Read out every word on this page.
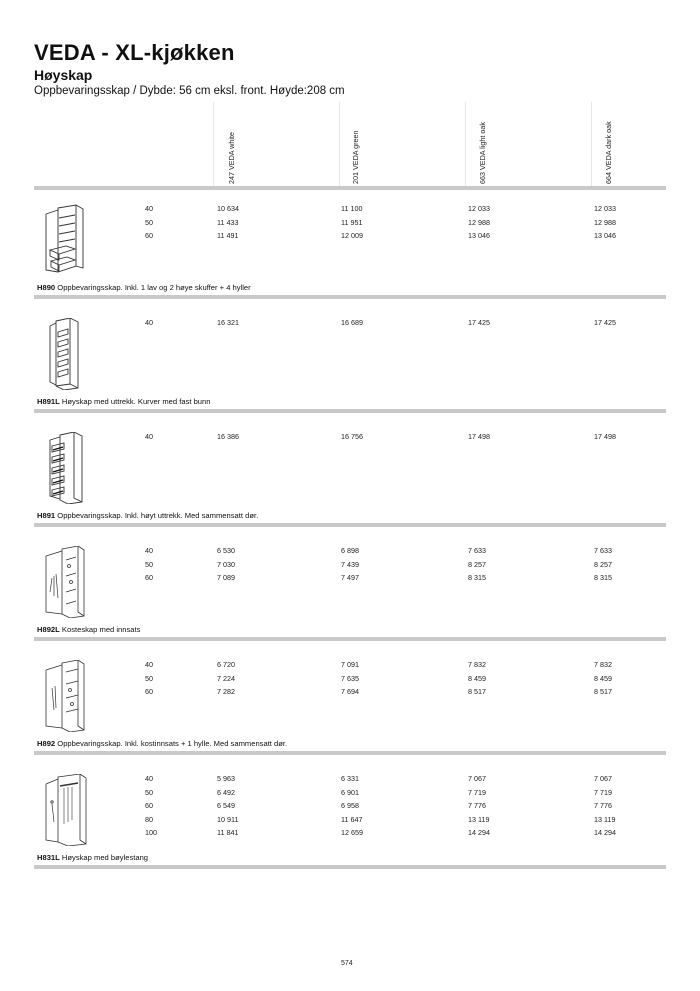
VEDA - XL-kjøkken
Høyskap

Oppbevaringsskap / Dybde: 56 cm eksl. front. Høyde:208 cm

247 VEDA white	201 VEDA green	663 VEDA light oak	664 VEDA dark oak
40	10 634	11 100	12 033	12 033
50	11 433	11 951	12 988	12 988
60	11 491	12 009	13 046	13 046
H890 Oppbevaringsskap. Inkl. 1 lav og 2 høye skuffer + 4 hyller
40	16 321	16 689	17 425	17 425
H891L Høyskap med uttrekk. Kurver med fast bunn
40	16 386	16 756	17 498	17 498
H891 Oppbevaringsskap. Inkl. høyt uttrekk. Med sammensatt dør.
40	6 530	6 898	7 633	7 633
50	7 030	7 439	8 257	8 257
60	7 089	7 497	8 315	8 315
H892L Kosteskap med innsats
40	6 720	7 091	7 832	7 832
50	7 224	7 635	8 459	8 459
60	7 282	7 694	8 517	8 517
H892 Oppbevaringsskap. Inkl. kostinnsats + 1 hylle. Med sammensatt dør.
40	5 963	6 331	7 067	7 067
50	6 492	6 901	7 719	7 719
60	6 549	6 958	7 776	7 776
80	10 911	11 647	13 119	13 119
100	11 841	12 659	14 294	14 294
H831L Høyskap med bøylestang
574
